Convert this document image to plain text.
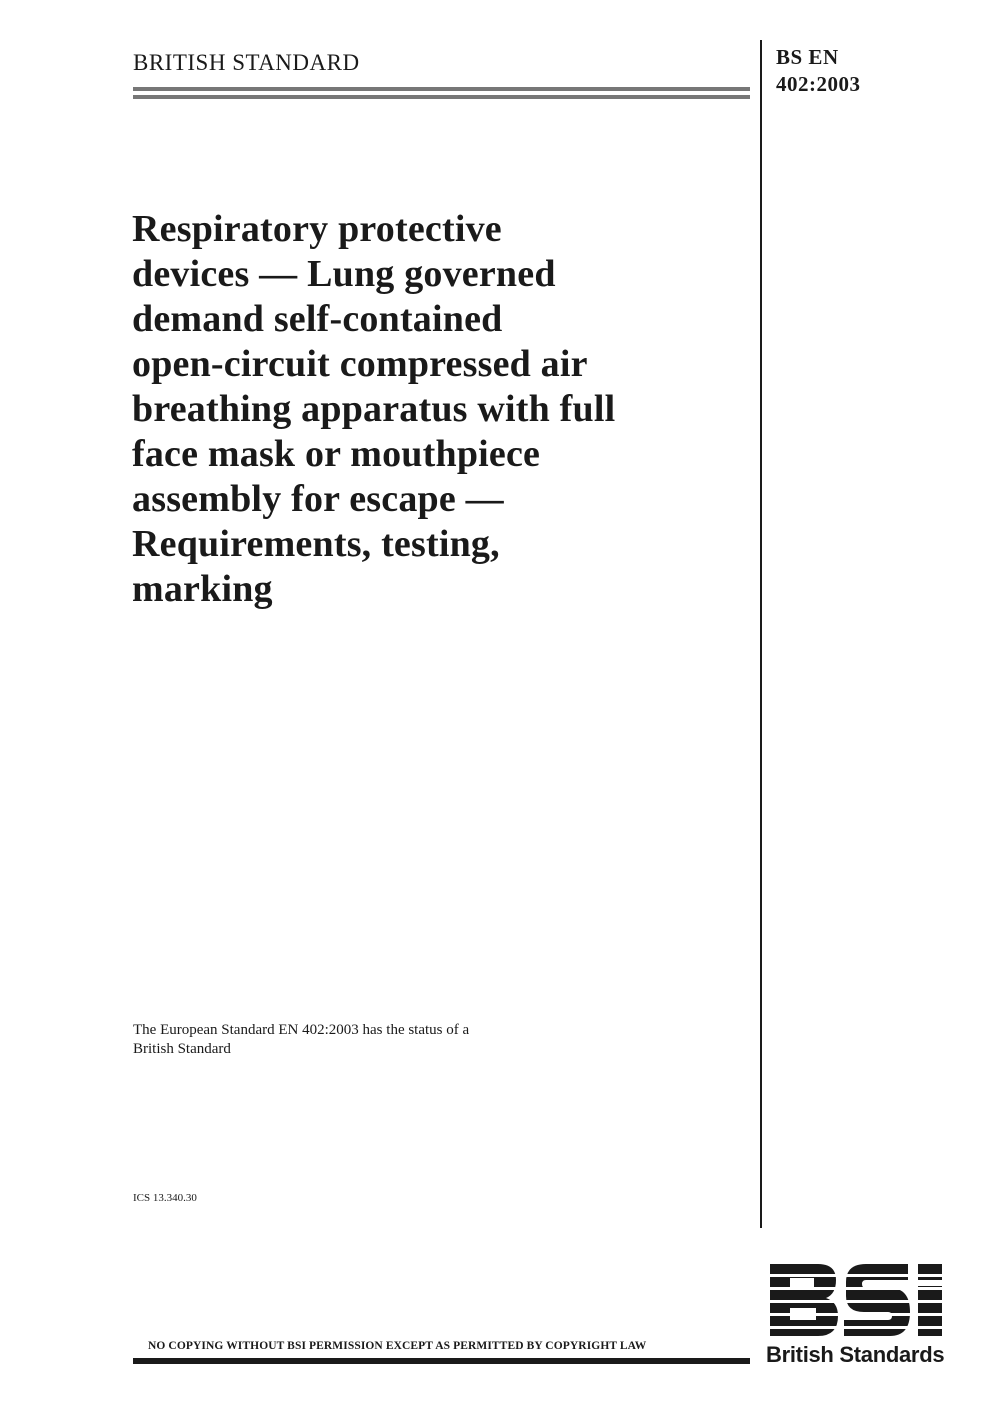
BRITISH STANDARD	BS EN
402:2003
Respiratory protective
devices — Lung governed
demand self-contained
open-circuit compressed air
breathing apparatus with full
face mask or mouthpiece
assembly for escape —
Requirements, testing,
marking
The European Standard EN 402:2003 has the status of a
British Standard
ICS 13.340.30
NO COPYING WITHOUT BSI PERMISSION EXCEPT AS PERMITTED BY COPYRIGHT LAW	British Standards
